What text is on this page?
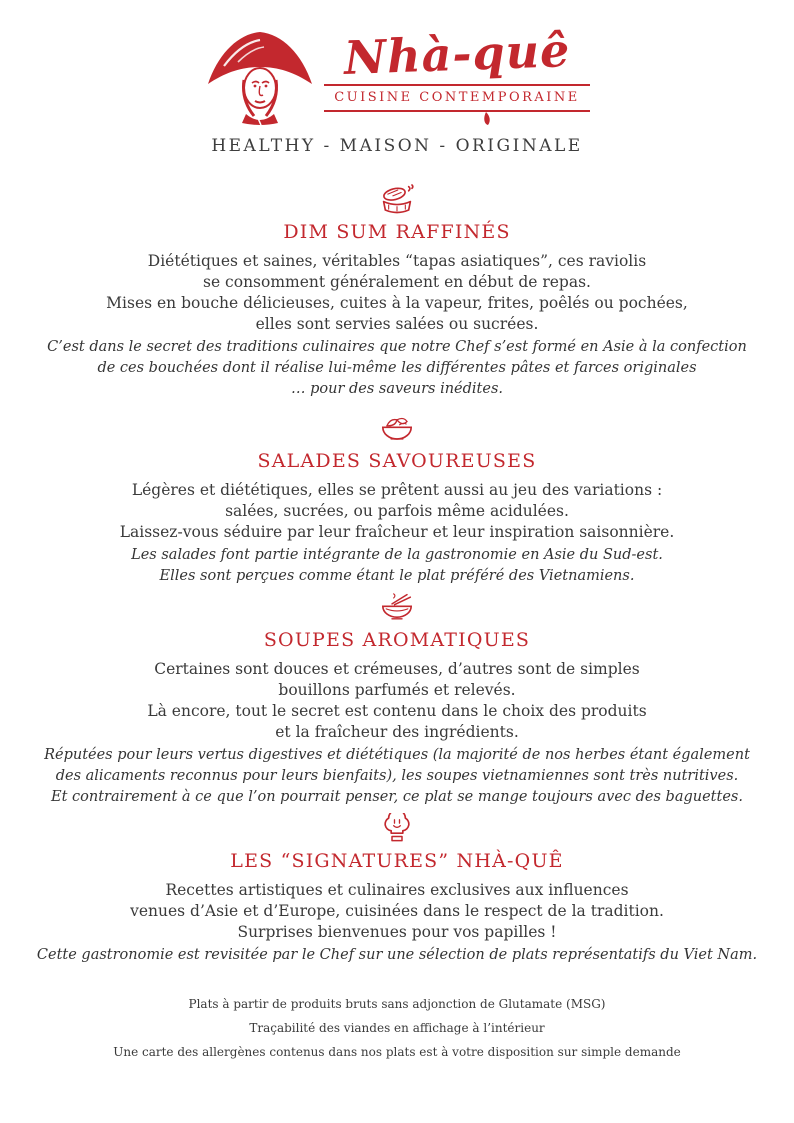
Nhà-quê
CUISINE CONTEMPORAINE
HEALTHY - MAISON - ORIGINALE
DIM SUM RAFFINÉS
Diététiques et saines, véritables “tapas asiatiques”, ces raviolis
se consomment généralement en début de repas.
Mises en bouche délicieuses, cuites à la vapeur, frites, poêlés ou pochées,
elles sont servies salées ou sucrées.
C’est dans le secret des traditions culinaires que notre Chef s’est formé en Asie à la confection
de ces bouchées dont il réalise lui-même les différentes pâtes et farces originales
… pour des saveurs inédites.
SALADES SAVOUREUSES
Légères et diététiques, elles se prêtent aussi au jeu des variations :
salées, sucrées, ou parfois même acidulées.
Laissez-vous séduire par leur fraîcheur et leur inspiration saisonnière.
Les salades font partie intégrante de la gastronomie en Asie du Sud-est.
Elles sont perçues comme étant le plat préféré des Vietnamiens.
SOUPES AROMATIQUES
Certaines sont douces et crémeuses, d’autres sont de simples
bouillons parfumés et relevés.
Là encore, tout le secret est contenu dans le choix des produits
et la fraîcheur des ingrédients.
Réputées pour leurs vertus digestives et diététiques (la majorité de nos herbes étant également
des alicaments reconnus pour leurs bienfaits), les soupes vietnamiennes sont très nutritives.
Et contrairement à ce que l’on pourrait penser, ce plat se mange toujours avec des baguettes.
LES “SIGNATURES” NHÀ-QUÊ
Recettes artistiques et culinaires exclusives aux influences
venues d’Asie et d’Europe, cuisinées dans le respect de la tradition.
Surprises bienvenues pour vos papilles !
Cette gastronomie est revisitée par le Chef sur une sélection de plats représentatifs du Viet Nam.
Plats à partir de produits bruts sans adjonction de Glutamate (MSG)
Traçabilité des viandes en affichage à l’intérieur
Une carte des allergènes contenus dans nos plats est à votre disposition sur simple demande
